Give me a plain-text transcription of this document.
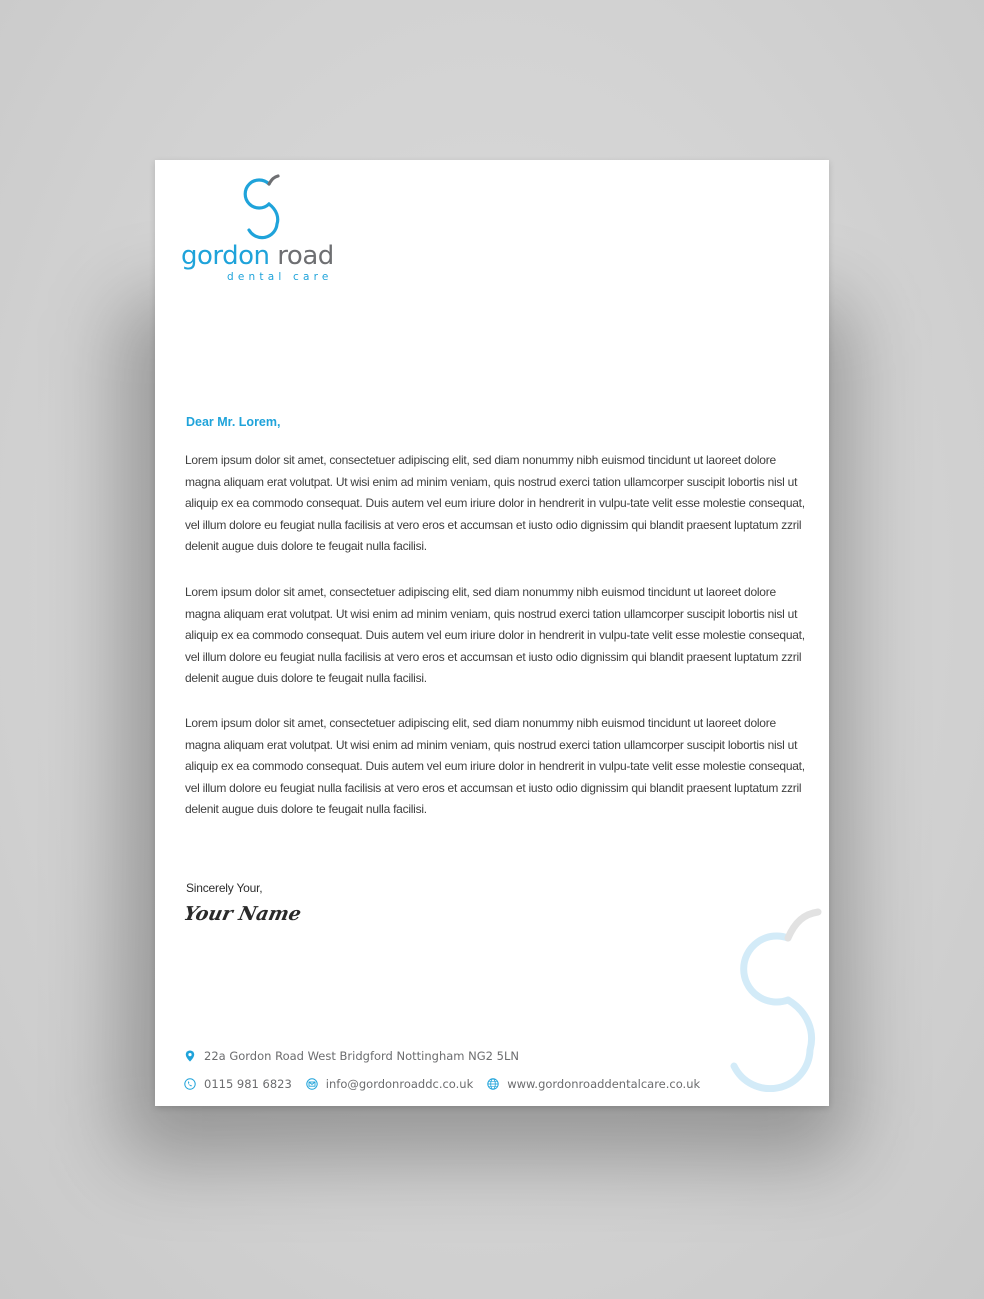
gordon road
dental care
Dear Mr. Lorem,
Lorem ipsum dolor sit amet, consectetuer adipiscing elit, sed diam nonummy nibh euismod tincidunt ut laoreet dolore magna aliquam erat volutpat. Ut wisi enim ad minim veniam, quis nostrud exerci tation ullamcorper suscipit lobortis nisl ut aliquip ex ea commodo consequat. Duis autem vel eum iriure dolor in hendrerit in vulpu-tate velit esse molestie consequat, vel illum dolore eu feugiat nulla facilisis at vero eros et accumsan et iusto odio dignissim qui blandit praesent luptatum zzril delenit augue duis dolore te feugait nulla facilisi.
Lorem ipsum dolor sit amet, consectetuer adipiscing elit, sed diam nonummy nibh euismod tincidunt ut laoreet dolore magna aliquam erat volutpat. Ut wisi enim ad minim veniam, quis nostrud exerci tation ullamcorper suscipit lobortis nisl ut aliquip ex ea commodo consequat. Duis autem vel eum iriure dolor in hendrerit in vulpu-tate velit esse molestie consequat, vel illum dolore eu feugiat nulla facilisis at vero eros et accumsan et iusto odio dignissim qui blandit praesent luptatum zzril delenit augue duis dolore te feugait nulla facilisi.
Lorem ipsum dolor sit amet, consectetuer adipiscing elit, sed diam nonummy nibh euismod tincidunt ut laoreet dolore magna aliquam erat volutpat. Ut wisi enim ad minim veniam, quis nostrud exerci tation ullamcorper suscipit lobortis nisl ut aliquip ex ea commodo consequat. Duis autem vel eum iriure dolor in hendrerit in vulpu-tate velit esse molestie consequat, vel illum dolore eu feugiat nulla facilisis at vero eros et accumsan et iusto odio dignissim qui blandit praesent luptatum zzril delenit augue duis dolore te feugait nulla facilisi.
Sincerely Your,
Your Name
22a Gordon Road West Bridgford Nottingham NG2 5LN
0115 981 6823	info@gordonroaddc.co.uk	www.gordonroaddentalcare.co.uk
